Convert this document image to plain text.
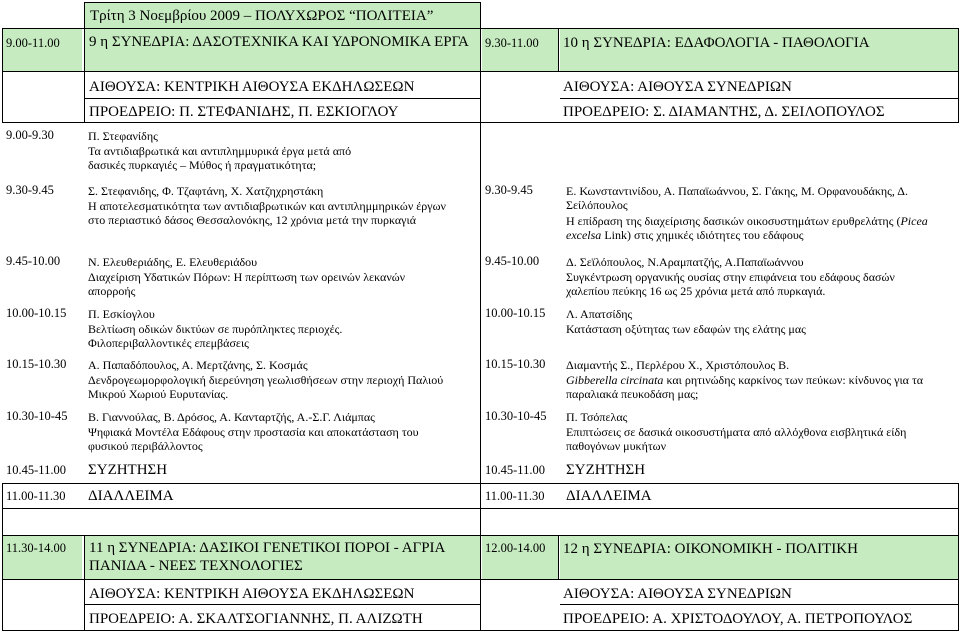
Τρίτη 3 Νοεμβρίου 2009 – ΠΟΛΥΧΩΡΟΣ “ΠΟΛΙΤΕΙΑ”
9.00-11.00 9 η ΣΥΝΕΔΡΙΑ: ΔΑΣΟΤΕΧΝΙΚΑ ΚΑΙ ΥΔΡΟΝΟΜΙΚΑ ΕΡΓΑ
ΑΙΘΟΥΣΑ: ΚΕΝΤΡΙΚΗ ΑΙΘΟΥΣΑ ΕΚΔΗΛΩΣΕΩΝ
ΠΡΟΕΔΡΕΙΟ: Π. ΣΤΕΦΑΝΙΔΗΣ, Π. ΕΣΚΙΟΓΛΟΥ
9.30-11.00 10 η ΣΥΝΕΔΡΙΑ: ΕΔΑΦΟΛΟΓΙΑ - ΠΑΘΟΛΟΓΙΑ
ΑΙΘΟΥΣΑ: ΑΙΘΟΥΣΑ ΣΥΝΕΔΡΙΩΝ
ΠΡΟΕΔΡΕΙΟ: Σ. ΔΙΑΜΑΝΤΗΣ, Δ. ΣΕΙΛΟΠΟΥΛΟΣ
9.00-9.30	Π. Στεφανίδης
Τα αντιδιαβρωτικά και αντιπλημμυρικά έργα μετά από δασικές πυρκαγιές – Μύθος ή πραγματικότητα;
9.30-9.45	Σ. Στεφανιδης, Φ. Τζαφτάνη, Χ. Χατζηχρηστάκη
Η αποτελεσματικότητα των αντιδιαβρωτικών και αντιπλημμηρικών έργων στο περιαστικό δάσος Θεσσαλονόκης, 12 χρόνια μετά την πυρκαγιά
9.45-10.00 Ν. Ελευθεριάδης, Ε. Ελευθεριάδου
Διαχείριση Υδατικών Πόρων: Η περίπτωση των ορεινών λεκανών απορροής
10.00-10.15 Π. Εσκίογλου
Βελτίωση οδικών δικτύων σε πυρόπληκτες περιοχές. Φιλοπεριβαλλοντικές επεμβάσεις
10.15-10.30 Α. Παπαδόπουλος, Α. Μερτζάνης, Σ. Κοσμάς
Δενδρογεωμορφολογική διερεύνηση γεωλισθήσεων στην περιοχή Παλιού Μικρού Χωριού Ευρυτανίας.
10.30-10-45 Β. Γιαννούλας, Β. Δρόσος, Α. Κανταρτζής, Α.-Σ.Γ. Λιάμπας
Ψηφιακά Μοντέλα Εδάφους στην προστασία και αποκατάσταση του φυσικού περιβάλλοντος
10.45-11.00 ΣΥΖΗΤΗΣΗ
11.00-11.30 ΔΙΑΛΛΕΙΜΑ
9.30-9.45	Ε. Κωνσταντινίδου, Α. Παπαϊωάννου, Σ. Γάκης, Μ. Ορφανουδάκης, Δ. Σείλόπουλος
Η επίδραση της διαχείρισης δασικών οικοσυστημάτων ερυθρελάτης (Picea excelsa Link) στις χημικές ιδιότητες του εδάφους
9.45-10.00 Δ. Σεϊλόπουλος, Ν.Αραμπατζής, Α.Παπαϊωάννου
Συγκέντρωση οργανικής ουσίας στην επιφάνεια του εδάφους δασών χαλεπίου πεύκης 16 ως 25 χρόνια μετά από πυρκαγιά.
10.00-10.15 Λ. Απατσίδης
Κατάσταση οξύτητας των εδαφών της ελάτης μας
10.15-10.30 Διαμαντής Σ., Περλέρου Χ., Χριστόπουλος Β.
Gibberella circinata και ρητινώδης καρκίνος των πεύκων: κίνδυνος για τα παραλιακά πευκοδάση μας;
10.30-10-45 Π. Τσόπελας
Επιπτώσεις σε δασικά οικοσυστήματα από αλλόχθονα εισβλητικά είδη παθογόνων μυκήτων
10.45-11.00 ΣΥΖΗΤΗΣΗ
11.00-11.30 ΔΙΑΛΛΕΙΜΑ
11.30-14.00 11 η ΣΥΝΕΔΡΙΑ: ΔΑΣΙΚΟΙ ΓΕΝΕΤΙΚΟΙ ΠΟΡΟΙ - ΑΓΡΙΑ ΠΑΝΙΔΑ - ΝΕΕΣ ΤΕΧΝΟΛΟΓΙΕΣ
ΑΙΘΟΥΣΑ: ΚΕΝΤΡΙΚΗ ΑΙΘΟΥΣΑ ΕΚΔΗΛΩΣΕΩΝ
ΠΡΟΕΔΡΕΙΟ: Α. ΣΚΑΛΤΣΟΓΙΑΝΝΗΣ, Π. ΑΛΙΖΩΤΗ
12.00-14.00 12 η ΣΥΝΕΔΡΙΑ: ΟΙΚΟΝΟΜΙΚΗ - ΠΟΛΙΤΙΚΗ
ΑΙΘΟΥΣΑ: ΑΙΘΟΥΣΑ ΣΥΝΕΔΡΙΩΝ
ΠΡΟΕΔΡΕΙΟ: Α. ΧΡΙΣΤΟΔΟΥΛΟΥ, Α. ΠΕΤΡΟΠΟΥΛΟΣ
